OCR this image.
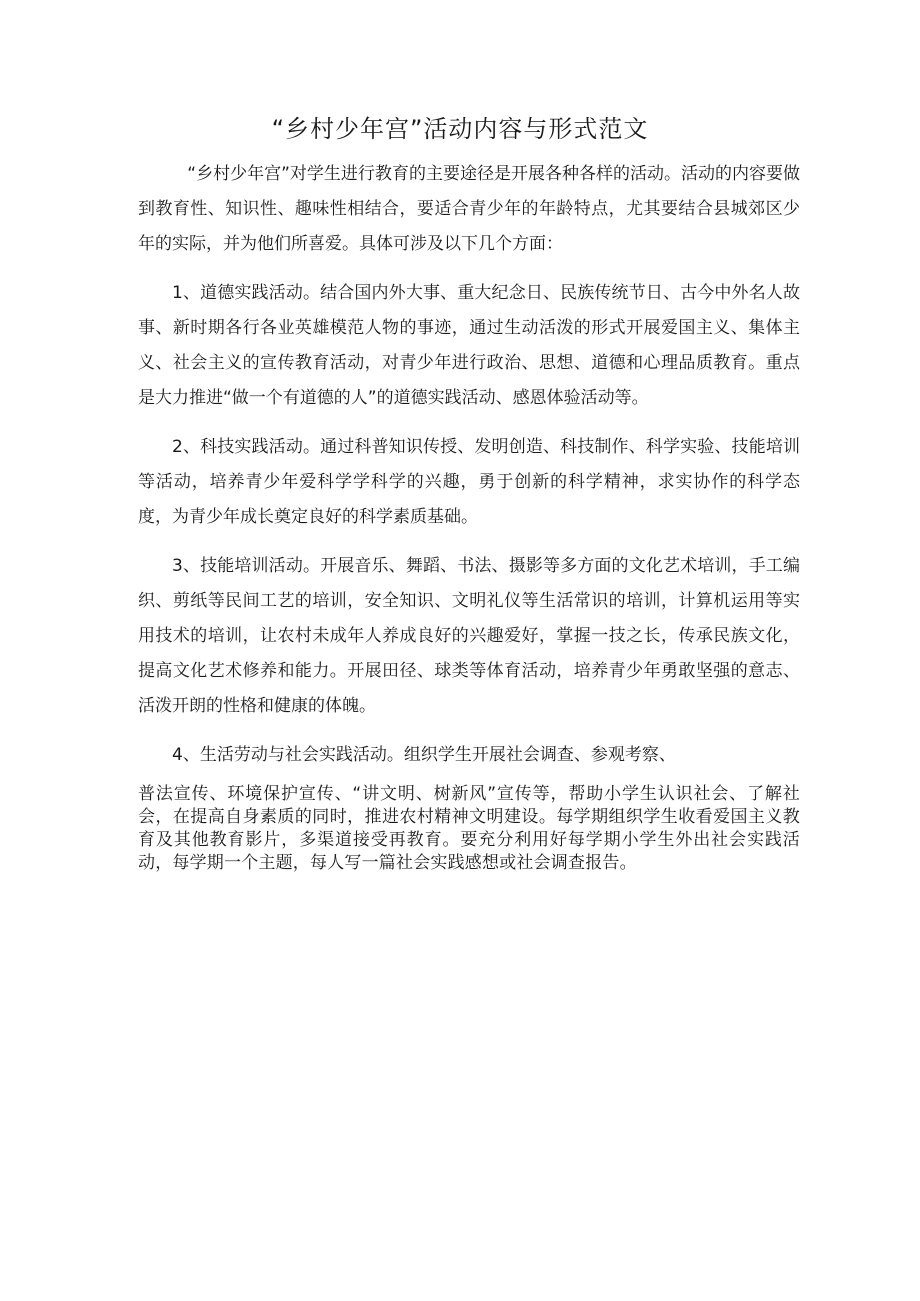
“乡村少年宫”活动内容与形式范文

“乡村少年宫”对学生进行教育的主要途径是开展各种各样的活动。活动的内容要做到教育性、知识性、趣味性相结合，要适合青少年的年龄特点，尤其要结合县城郊区少年的实际，并为他们所喜爱。具体可涉及以下几个方面：

1、道德实践活动。结合国内外大事、重大纪念日、民族传统节日、古今中外名人故事、新时期各行各业英雄模范人物的事迹，通过生动活泼的形式开展爱国主义、集体主义、社会主义的宣传教育活动，对青少年进行政治、思想、道德和心理品质教育。重点是大力推进“做一个有道德的人”的道德实践活动、感恩体验活动等。

2、科技实践活动。通过科普知识传授、发明创造、科技制作、科学实验、技能培训等活动，培养青少年爱科学学科学的兴趣，勇于创新的科学精神，求实协作的科学态度，为青少年成长奠定良好的科学素质基础。

3、技能培训活动。开展音乐、舞蹈、书法、摄影等多方面的文化艺术培训，手工编织、剪纸等民间工艺的培训，安全知识、文明礼仪等生活常识的培训，计算机运用等实用技术的培训，让农村未成年人养成良好的兴趣爱好，掌握一技之长，传承民族文化，提高文化艺术修养和能力。开展田径、球类等体育活动，培养青少年勇敢坚强的意志、活泼开朗的性格和健康的体魄。

4、生活劳动与社会实践活动。组织学生开展社会调查、参观考察、

普法宣传、环境保护宣传、“讲文明、树新风”宣传等，帮助小学生认识社会、了解社会，在提高自身素质的同时，推进农村精神文明建设。每学期组织学生收看爱国主义教育及其他教育影片，多渠道接受再教育。要充分利用好每学期小学生外出社会实践活动，每学期一个主题，每人写一篇社会实践感想或社会调查报告。
